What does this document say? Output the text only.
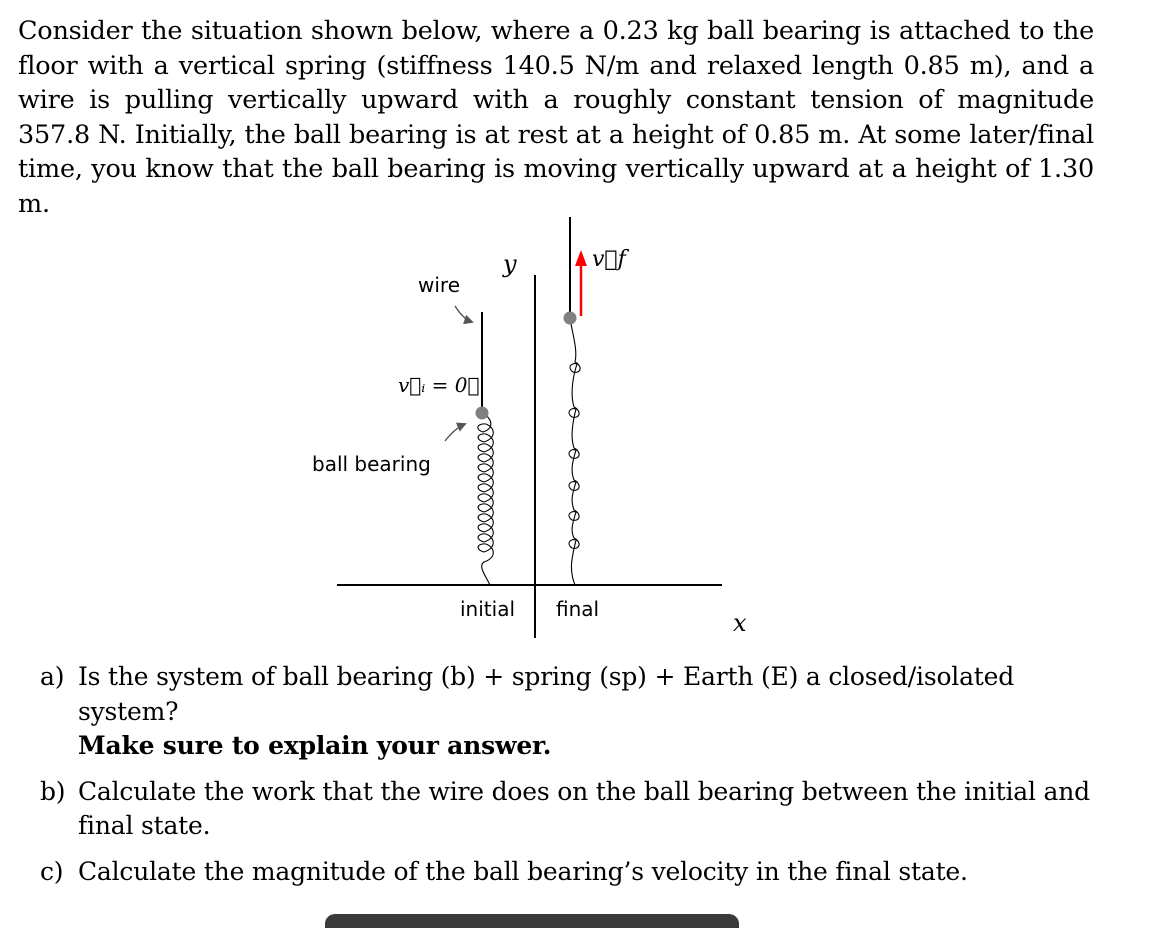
Consider the situation shown below, where a 0.23 kg ball bearing is attached to the floor with a vertical spring (stiffness 140.5 N/m and relaxed length 0.85 m), and a wire is pulling vertically upward with a roughly constant tension of magnitude 357.8 N. Initially, the ball bearing is at rest at a height of 0.85 m. At some later/final time, you know that the ball bearing is moving vertically upward at a height of 1.30 m.
wire
v⃗ᵢ = 0⃗
ball bearing
y	v⃗f
initial final	x
a) Is the system of ball bearing (b) + spring (sp) + Earth (E) a closed/isolated system?
Make sure to explain your answer.
b) Calculate the work that the wire does on the ball bearing between the initial and final state.
c) Calculate the magnitude of the ball bearing’s velocity in the final state.
